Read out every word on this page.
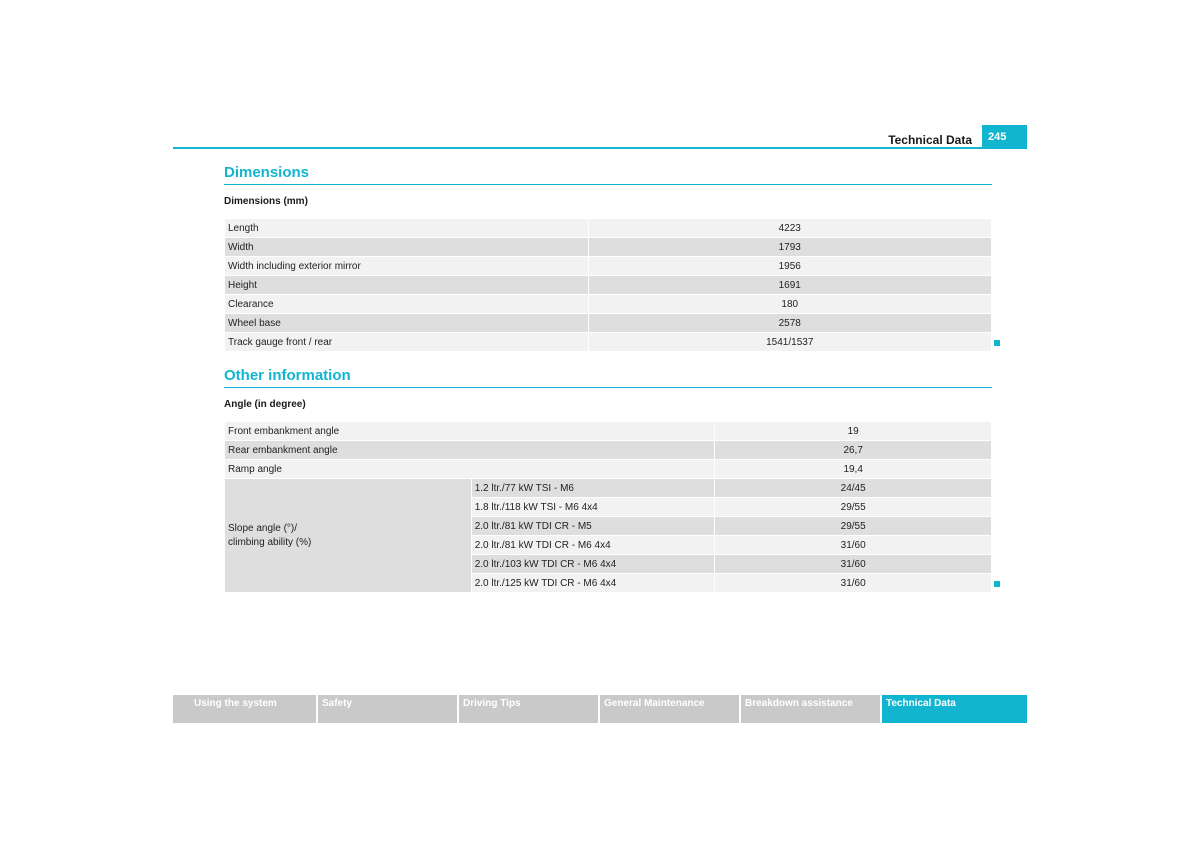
Technical Data	245
Dimensions
Dimensions (mm)
Length	4223
Width	1793
Width including exterior mirror	1956
Height	1691
Clearance	180
Wheel base	2578
Track gauge front / rear	1541/1537
Other information
Angle (in degree)
Front embankment angle		19
Rear embankment angle		26,7
Ramp angle		19,4
Slope angle (°)/
climbing ability (%)	1.2 ltr./77 kW TSI - M6	24/45
	1.8 ltr./118 kW TSI - M6 4x4	29/55
	2.0 ltr./81 kW TDI CR - M5	29/55
	2.0 ltr./81 kW TDI CR - M6 4x4	31/60
	2.0 ltr./103 kW TDI CR - M6 4x4	31/60
	2.0 ltr./125 kW TDI CR - M6 4x4	31/60
Using the system	Safety	Driving Tips	General Maintenance	Breakdown assistance	Technical Data
